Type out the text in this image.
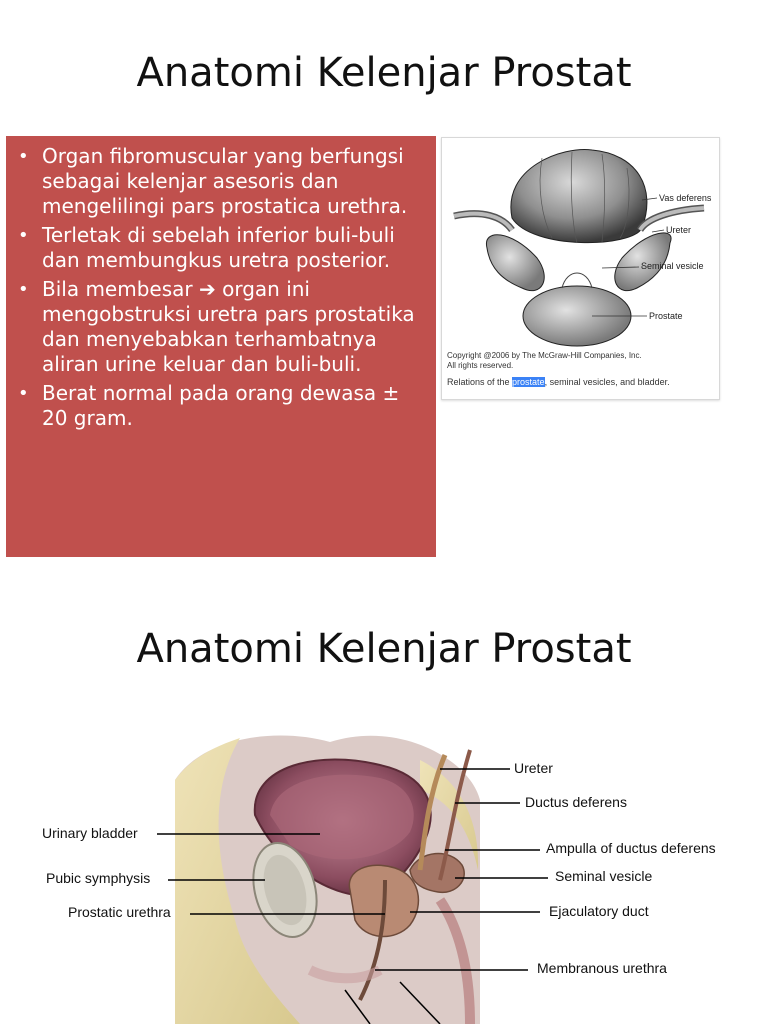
Anatomi Kelenjar Prostat
• Organ fibromuscular yang berfungsi sebagai kelenjar asesoris dan mengelilingi pars prostatica urethra.
• Terletak di sebelah inferior buli-buli dan membungkus uretra posterior.
• Bila membesar ➔ organ ini mengobstruksi uretra pars prostatika dan menyebabkan terhambatnya aliran urine keluar dan buli-buli.
• Berat normal pada orang dewasa ± 20 gram.
Vas deferens
Ureter
Seminal vesicle
Prostate
Copyright @2006 by The McGraw-Hill Companies, Inc.
All rights reserved.
Relations of the prostate, seminal vesicles, and bladder.
Anatomi Kelenjar Prostat
Ureter
Ductus deferens
Urinary bladder
Ampulla of ductus deferens
Pubic symphysis	Seminal vesicle
Prostatic urethra	Ejaculatory duct
Membranous urethra
